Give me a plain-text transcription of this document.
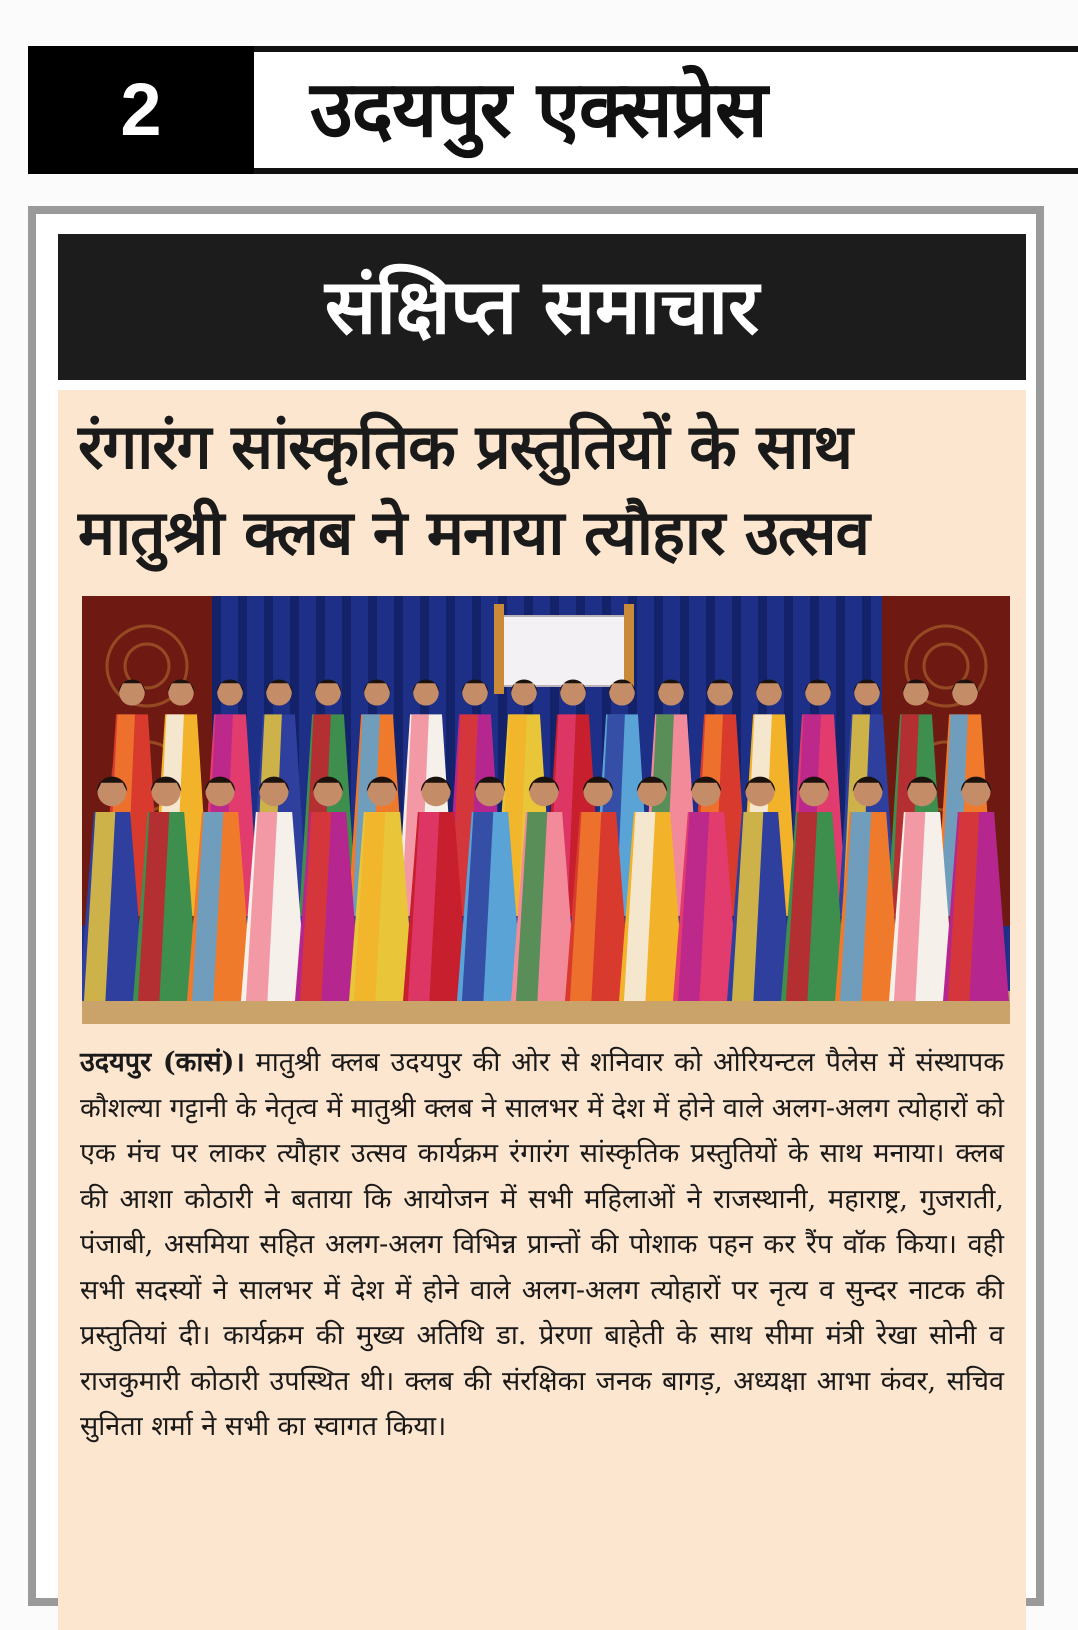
2	उदयपुर एक्सप्रेस
संक्षिप्त समाचार
रंगारंग सांस्कृतिक प्रस्तुतियों के साथ
मातुश्री क्लब ने मनाया त्यौहार उत्सव

उदयपुर (कासं)। मातुश्री क्लब उदयपुर की ओर से शनिवार को ओरियन्टल पैलेस में संस्थापक कौशल्या गट्टानी के नेतृत्व में मातुश्री क्लब ने सालभर में देश में होने वाले अलग-अलग त्योहारों को एक मंच पर लाकर त्यौहार उत्सव कार्यक्रम रंगारंग सांस्कृतिक प्रस्तुतियों के साथ मनाया। क्लब की आशा कोठारी ने बताया कि आयोजन में सभी महिलाओं ने राजस्थानी, महाराष्ट्र, गुजराती, पंजाबी, असमिया सहित अलग-अलग विभिन्न प्रान्तों की पोशाक पहन कर रैंप वॉक किया। वही सभी सदस्यों ने सालभर में देश में होने वाले अलग-अलग त्योहारों पर नृत्य व सुन्दर नाटक की प्रस्तुतियां दी। कार्यक्रम की मुख्य अतिथि डा. प्रेरणा बाहेती के साथ सीमा मंत्री रेखा सोनी व राजकुमारी कोठारी उपस्थित थी। क्लब की संरक्षिका जनक बागड़, अध्यक्षा आभा कंवर, सचिव सुनिता शर्मा ने सभी का स्वागत किया।
